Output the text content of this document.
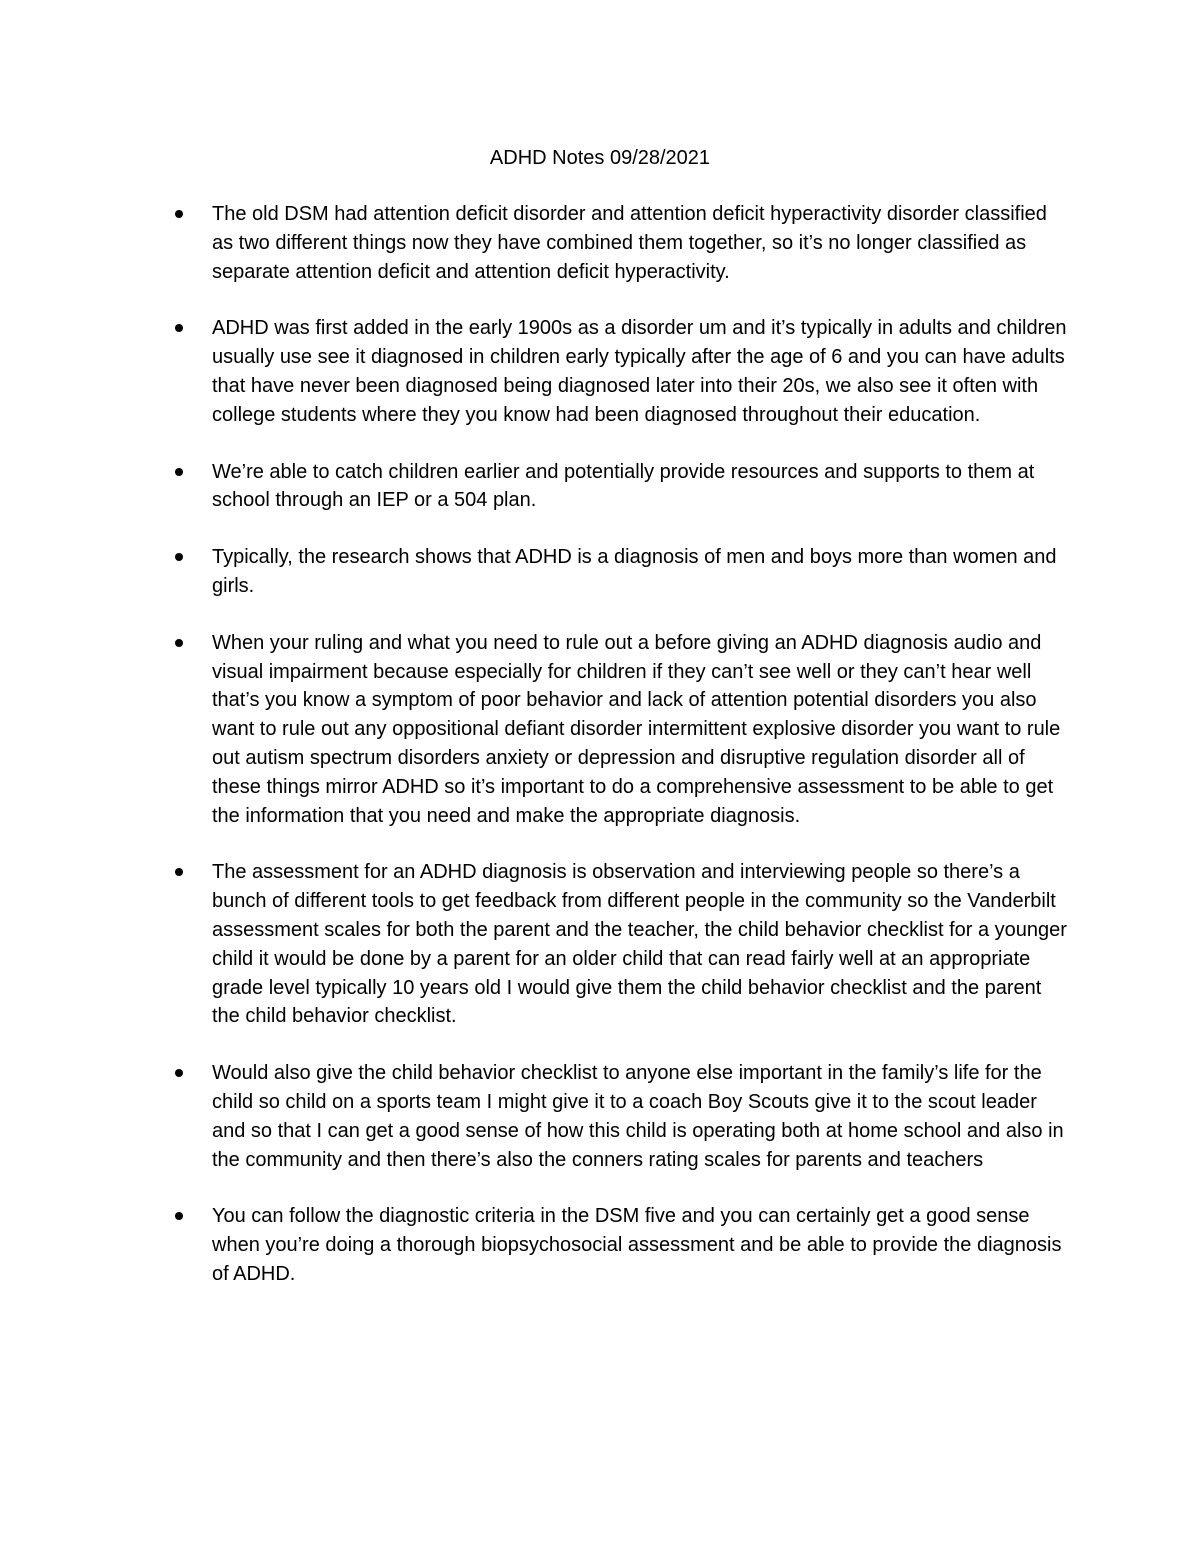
ADHD Notes 09/28/2021
The old DSM had attention deficit disorder and attention deficit hyperactivity disorder classified as two different things now they have combined them together, so it’s no longer classified as separate attention deficit and attention deficit hyperactivity.
ADHD was first added in the early 1900s as a disorder um and it’s typically in adults and children usually use see it diagnosed in children early typically after the age of 6 and you can have adults that have never been diagnosed being diagnosed later into their 20s, we also see it often with college students where they you know had been diagnosed throughout their education.
We’re able to catch children earlier and potentially provide resources and supports to them at school through an IEP or a 504 plan.
Typically, the research shows that ADHD is a diagnosis of men and boys more than women and girls.
When your ruling and what you need to rule out a before giving an ADHD diagnosis audio and visual impairment because especially for children if they can’t see well or they can’t hear well that’s you know a symptom of poor behavior and lack of attention potential disorders you also want to rule out any oppositional defiant disorder intermittent explosive disorder you want to rule out autism spectrum disorders anxiety or depression and disruptive regulation disorder all of these things mirror ADHD so it’s important to do a comprehensive assessment to be able to get the information that you need and make the appropriate diagnosis.
The assessment for an ADHD diagnosis is observation and interviewing people so there’s a bunch of different tools to get feedback from different people in the community so the Vanderbilt assessment scales for both the parent and the teacher, the child behavior checklist for a younger child it would be done by a parent for an older child that can read fairly well at an appropriate grade level typically 10 years old I would give them the child behavior checklist and the parent the child behavior checklist.
Would also give the child behavior checklist to anyone else important in the family’s life for the child so child on a sports team I might give it to a coach Boy Scouts give it to the scout leader and so that I can get a good sense of how this child is operating both at home school and also in the community and then there’s also the conners rating scales for parents and teachers
You can follow the diagnostic criteria in the DSM five and you can certainly get a good sense when you’re doing a thorough biopsychosocial assessment and be able to provide the diagnosis of ADHD.
